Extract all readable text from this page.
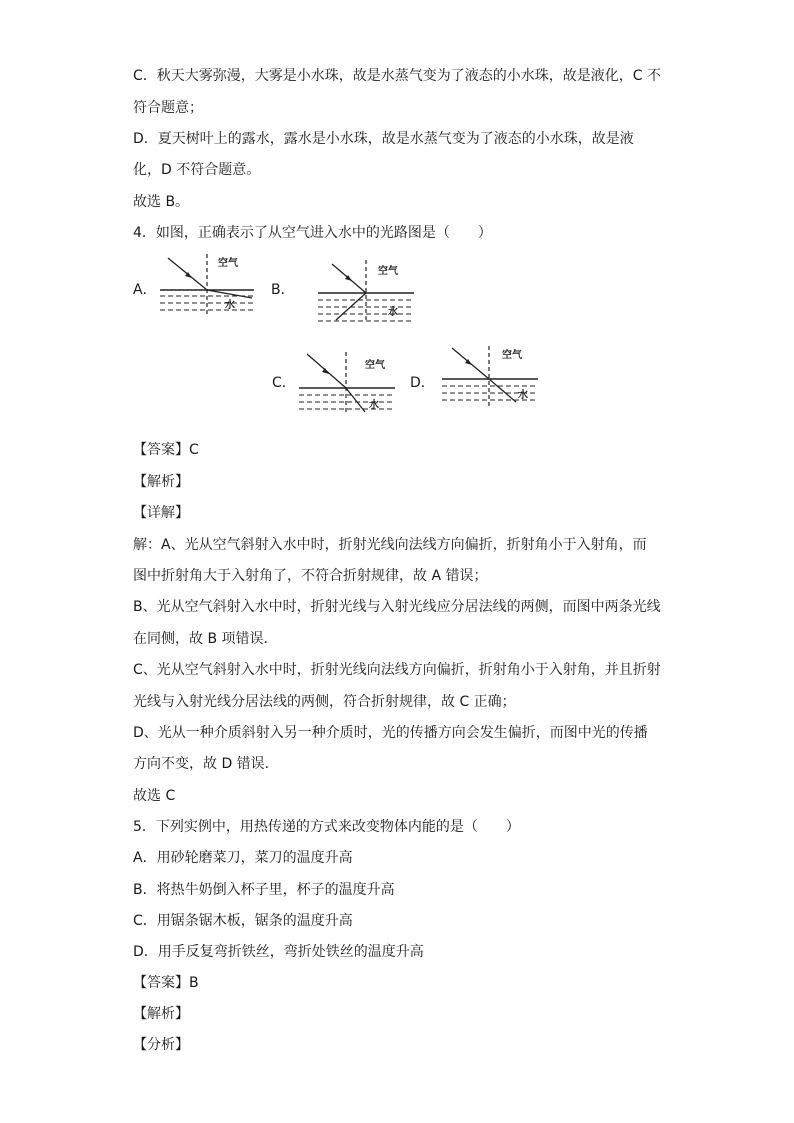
C．秋天大雾弥漫，大雾是小水珠，故是水蒸气变为了液态的小水珠，故是液化，C 不
符合题意；
D．夏天树叶上的露水，露水是小水珠，故是水蒸气变为了液态的小水珠，故是液
化，D 不符合题意。
故选 B。
4．如图，正确表示了从空气进入水中的光路图是（　　）
A．
空气
水
B．
空气
水
C．
空气
水
D．
空气
水
【答案】C
【解析】
【详解】
解：A、光从空气斜射入水中时，折射光线向法线方向偏折，折射角小于入射角，而
图中折射角大于入射角了，不符合折射规律，故 A 错误；
B、光从空气斜射入水中时，折射光线与入射光线应分居法线的两侧，而图中两条光线
在同侧，故 B 项错误．
C、光从空气斜射入水中时，折射光线向法线方向偏折，折射角小于入射角，并且折射
光线与入射光线分居法线的两侧，符合折射规律，故 C 正确；
D、光从一种介质斜射入另一种介质时，光的传播方向会发生偏折，而图中光的传播
方向不变，故 D 错误．
故选 C
5．下列实例中，用热传递的方式来改变物体内能的是（　　）
A．用砂轮磨菜刀，菜刀的温度升高
B．将热牛奶倒入杯子里，杯子的温度升高
C．用锯条锯木板，锯条的温度升高
D．用手反复弯折铁丝，弯折处铁丝的温度升高
【答案】B
【解析】
【分析】
